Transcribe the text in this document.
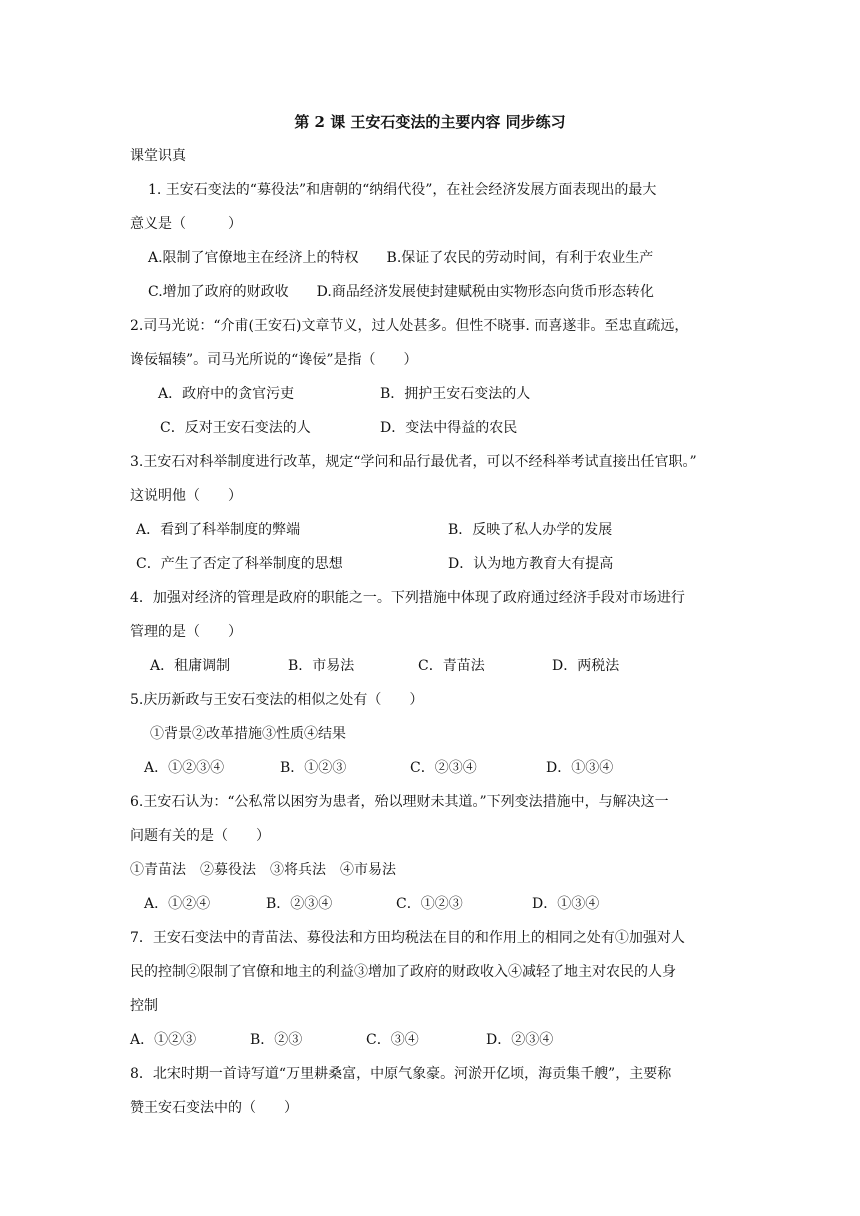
第 2 课 王安石变法的主要内容 同步练习
课堂识真
1. 王安石变法的“募役法”和唐朝的“纳绢代役”，在社会经济发展方面表现出的最大
意义是（　　　）
A.限制了官僚地主在经济上的特权　　B.保证了农民的劳动时间，有利于农业生产
C.增加了政府的财政收　　D.商品经济发展使封建赋税由实物形态向货币形态转化
2.司马光说：“介甫(王安石)文章节义，过人处甚多。但性不晓事. 而喜遂非。至忠直疏远，
谗佞辐辏”。司马光所说的“谗佞”是指（　　）
A．政府中的贪官污吏	B．拥护王安石变法的人
C．反对王安石变法的人	D．变法中得益的农民
3.王安石对科举制度进行改革，规定“学问和品行最优者，可以不经科举考试直接出任官职。”
这说明他（　　）
A．看到了科举制度的弊端	B．反映了私人办学的发展
C．产生了否定了科举制度的思想	D．认为地方教育大有提高
4．加强对经济的管理是政府的职能之一。下列措施中体现了政府通过经济手段对市场进行
管理的是（　　）
A．租庸调制	B．市易法	C．青苗法	D．两税法
5.庆历新政与王安石变法的相似之处有（　　）
①背景②改革措施③性质④结果
A．①②③④	B．①②③	C．②③④	D．①③④
6.王安石认为：“公私常以困穷为患者，殆以理财未其道。”下列变法措施中，与解决这一
问题有关的是（　　）
①青苗法　②募役法　③将兵法　④市易法
A．①②④	B．②③④	C．①②③	D．①③④
7．王安石变法中的青苗法、募役法和方田均税法在目的和作用上的相同之处有①加强对人
民的控制②限制了官僚和地主的利益③增加了政府的财政收入④减轻了地主对农民的人身
控制
A．①②③	B．②③	C．③④	D．②③④
8．北宋时期一首诗写道“万里耕桑富，中原气象豪。河淤开亿顷，海贡集千艘”，主要称
赞王安石变法中的（　　）
